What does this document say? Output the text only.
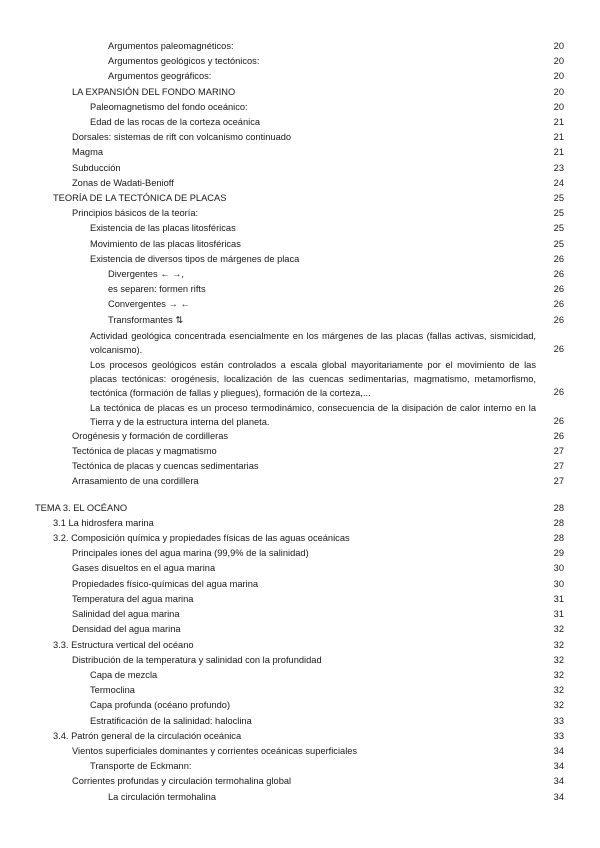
Argumentos paleomagnéticos:	20
Argumentos geológicos y tectónicos:	20
Argumentos geográficos:	20
LA EXPANSIÓN DEL FONDO MARINO	20
Paleomagnetismo del fondo oceánico:	20
Edad de las rocas de la corteza oceánica	21
Dorsales: sistemas de rift con volcanismo continuado	21
Magma	21
Subducción	23
Zonas de Wadati-Benioff	24
TEORÍA DE LA TECTÓNICA DE PLACAS	25
Principios básicos de la teoría:	25
Existencia de las placas litosféricas	25
Movimiento de las placas litosféricas	25
Existencia de diversos tipos de márgenes de placa	26
Divergentes ← →,	26
es separen: formen rifts	26
Convergentes → ←	26
Transformantes ⇅	26
Actividad geológica concentrada esencialmente en los márgenes de las placas (fallas activas, sismicidad, volcanismo).	26
Los procesos geológicos están controlados a escala global mayoritariamente por el movimiento de las placas tectónicas: orogénesis, localización de las cuencas sedimentarias, magmatismo, metamorfismo, tectónica (formación de fallas y pliegues), formación de la corteza,...	26
La tectónica de placas es un proceso termodinámico, consecuencia de la disipación de calor interno en la Tierra y de la estructura interna del planeta.	26
Orogénesis y formación de cordilleras	26
Tectónica de placas y magmatismo	27
Tectónica de placas y cuencas sedimentarias	27
Arrasamiento de una cordillera	27
TEMA 3. EL OCÉANO	28
3.1 La hidrosfera marina	28
3.2. Composición química y propiedades físicas de las aguas oceánicas	28
Principales iones del agua marina (99,9% de la salinidad)	29
Gases disueltos en el agua marina	30
Propiedades físico-químicas del agua marina	30
Temperatura del agua marina	31
Salinidad del agua marina	31
Densidad del agua marina	32
3.3. Estructura vertical del océano	32
Distribución de la temperatura y salinidad con la profundidad	32
Capa de mezcla	32
Termoclina	32
Capa profunda (océano profundo)	32
Estratificación de la salinidad: haloclina	33
3.4. Patrón general de la circulación oceánica	33
Vientos superficiales dominantes y corrientes oceánicas superficiales	34
Transporte de Eckmann:	34
Corrientes profundas y circulación termohalina global	34
La circulación termohalina	34
